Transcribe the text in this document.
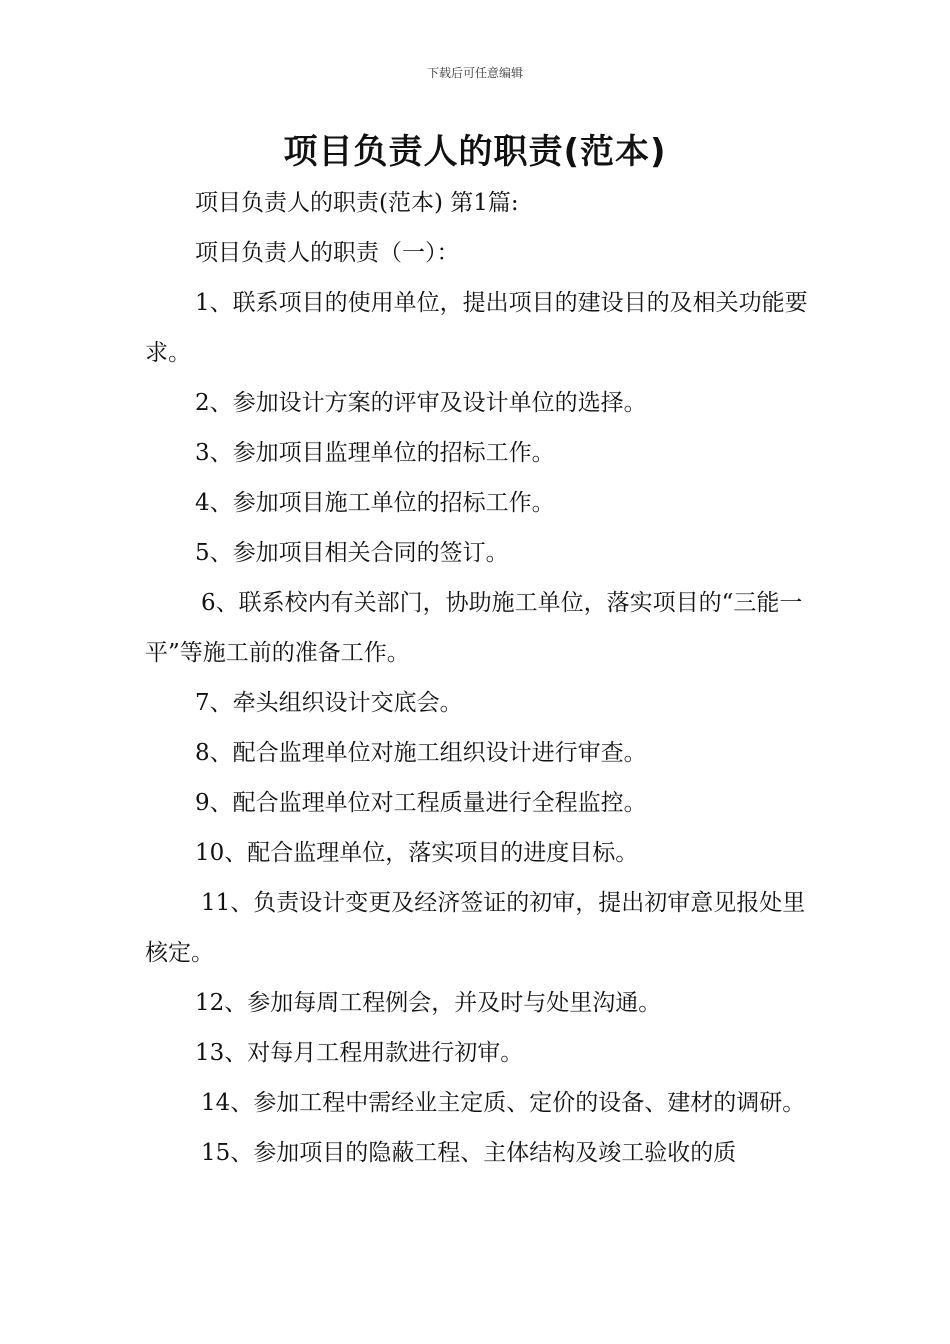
下载后可任意编辑
项目负责人的职责(范本)

项目负责人的职责(范本) 第1篇:

项目负责人的职责（一）：

1、联系项目的使用单位，提出项目的建设目的及相关功能要求。

2、参加设计方案的评审及设计单位的选择。

3、参加项目监理单位的招标工作。

4、参加项目施工单位的招标工作。

5、参加项目相关合同的签订。

6、联系校内有关部门，协助施工单位，落实项目的“三能一平”等施工前的准备工作。

7、牵头组织设计交底会。

8、配合监理单位对施工组织设计进行审查。

9、配合监理单位对工程质量进行全程监控。

10、配合监理单位，落实项目的进度目标。

11、负责设计变更及经济签证的初审，提出初审意见报处里核定。

12、参加每周工程例会，并及时与处里沟通。

13、对每月工程用款进行初审。

14、参加工程中需经业主定质、定价的设备、建材的调研。

15、参加项目的隐蔽工程、主体结构及竣工验收的质
